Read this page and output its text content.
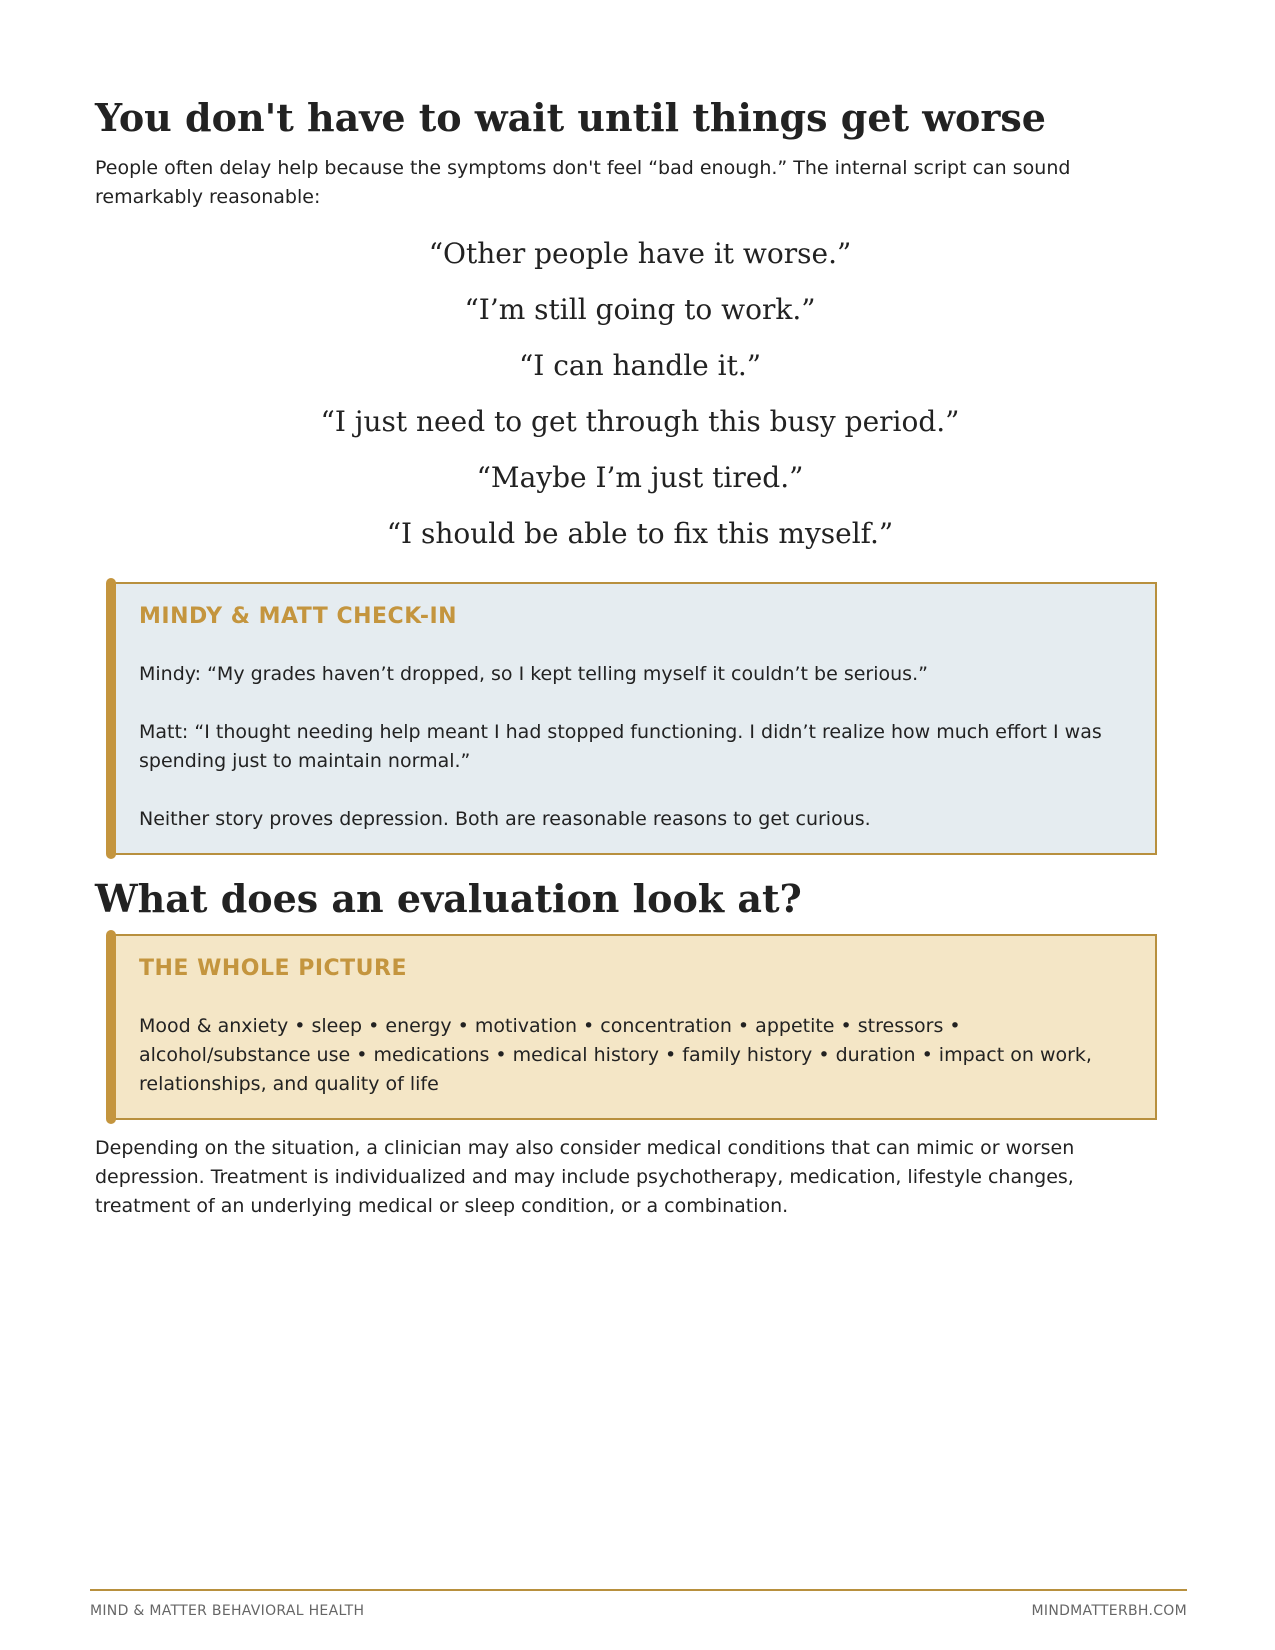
You don't have to wait until things get worse

People often delay help because the symptoms don't feel “bad enough.” The internal script can sound remarkably reasonable:

“Other people have it worse.”

“I’m still going to work.”

“I can handle it.”

“I just need to get through this busy period.”

“Maybe I’m just tired.”

“I should be able to fix this myself.”

MINDY & MATT CHECK-IN

Mindy: “My grades haven’t dropped, so I kept telling myself it couldn’t be serious.”

Matt: “I thought needing help meant I had stopped functioning. I didn’t realize how much effort I was spending just to maintain normal.”

Neither story proves depression. Both are reasonable reasons to get curious.

What does an evaluation look at?
THE WHOLE PICTURE

Mood & anxiety • sleep • energy • motivation • concentration • appetite • stressors • alcohol/substance use • medications • medical history • family history • duration • impact on work, relationships, and quality of life

Depending on the situation, a clinician may also consider medical conditions that can mimic or worsen depression. Treatment is individualized and may include psychotherapy, medication, lifestyle changes, treatment of an underlying medical or sleep condition, or a combination.

MIND & MATTER BEHAVIORAL HEALTH	MINDMATTERBH.COM
